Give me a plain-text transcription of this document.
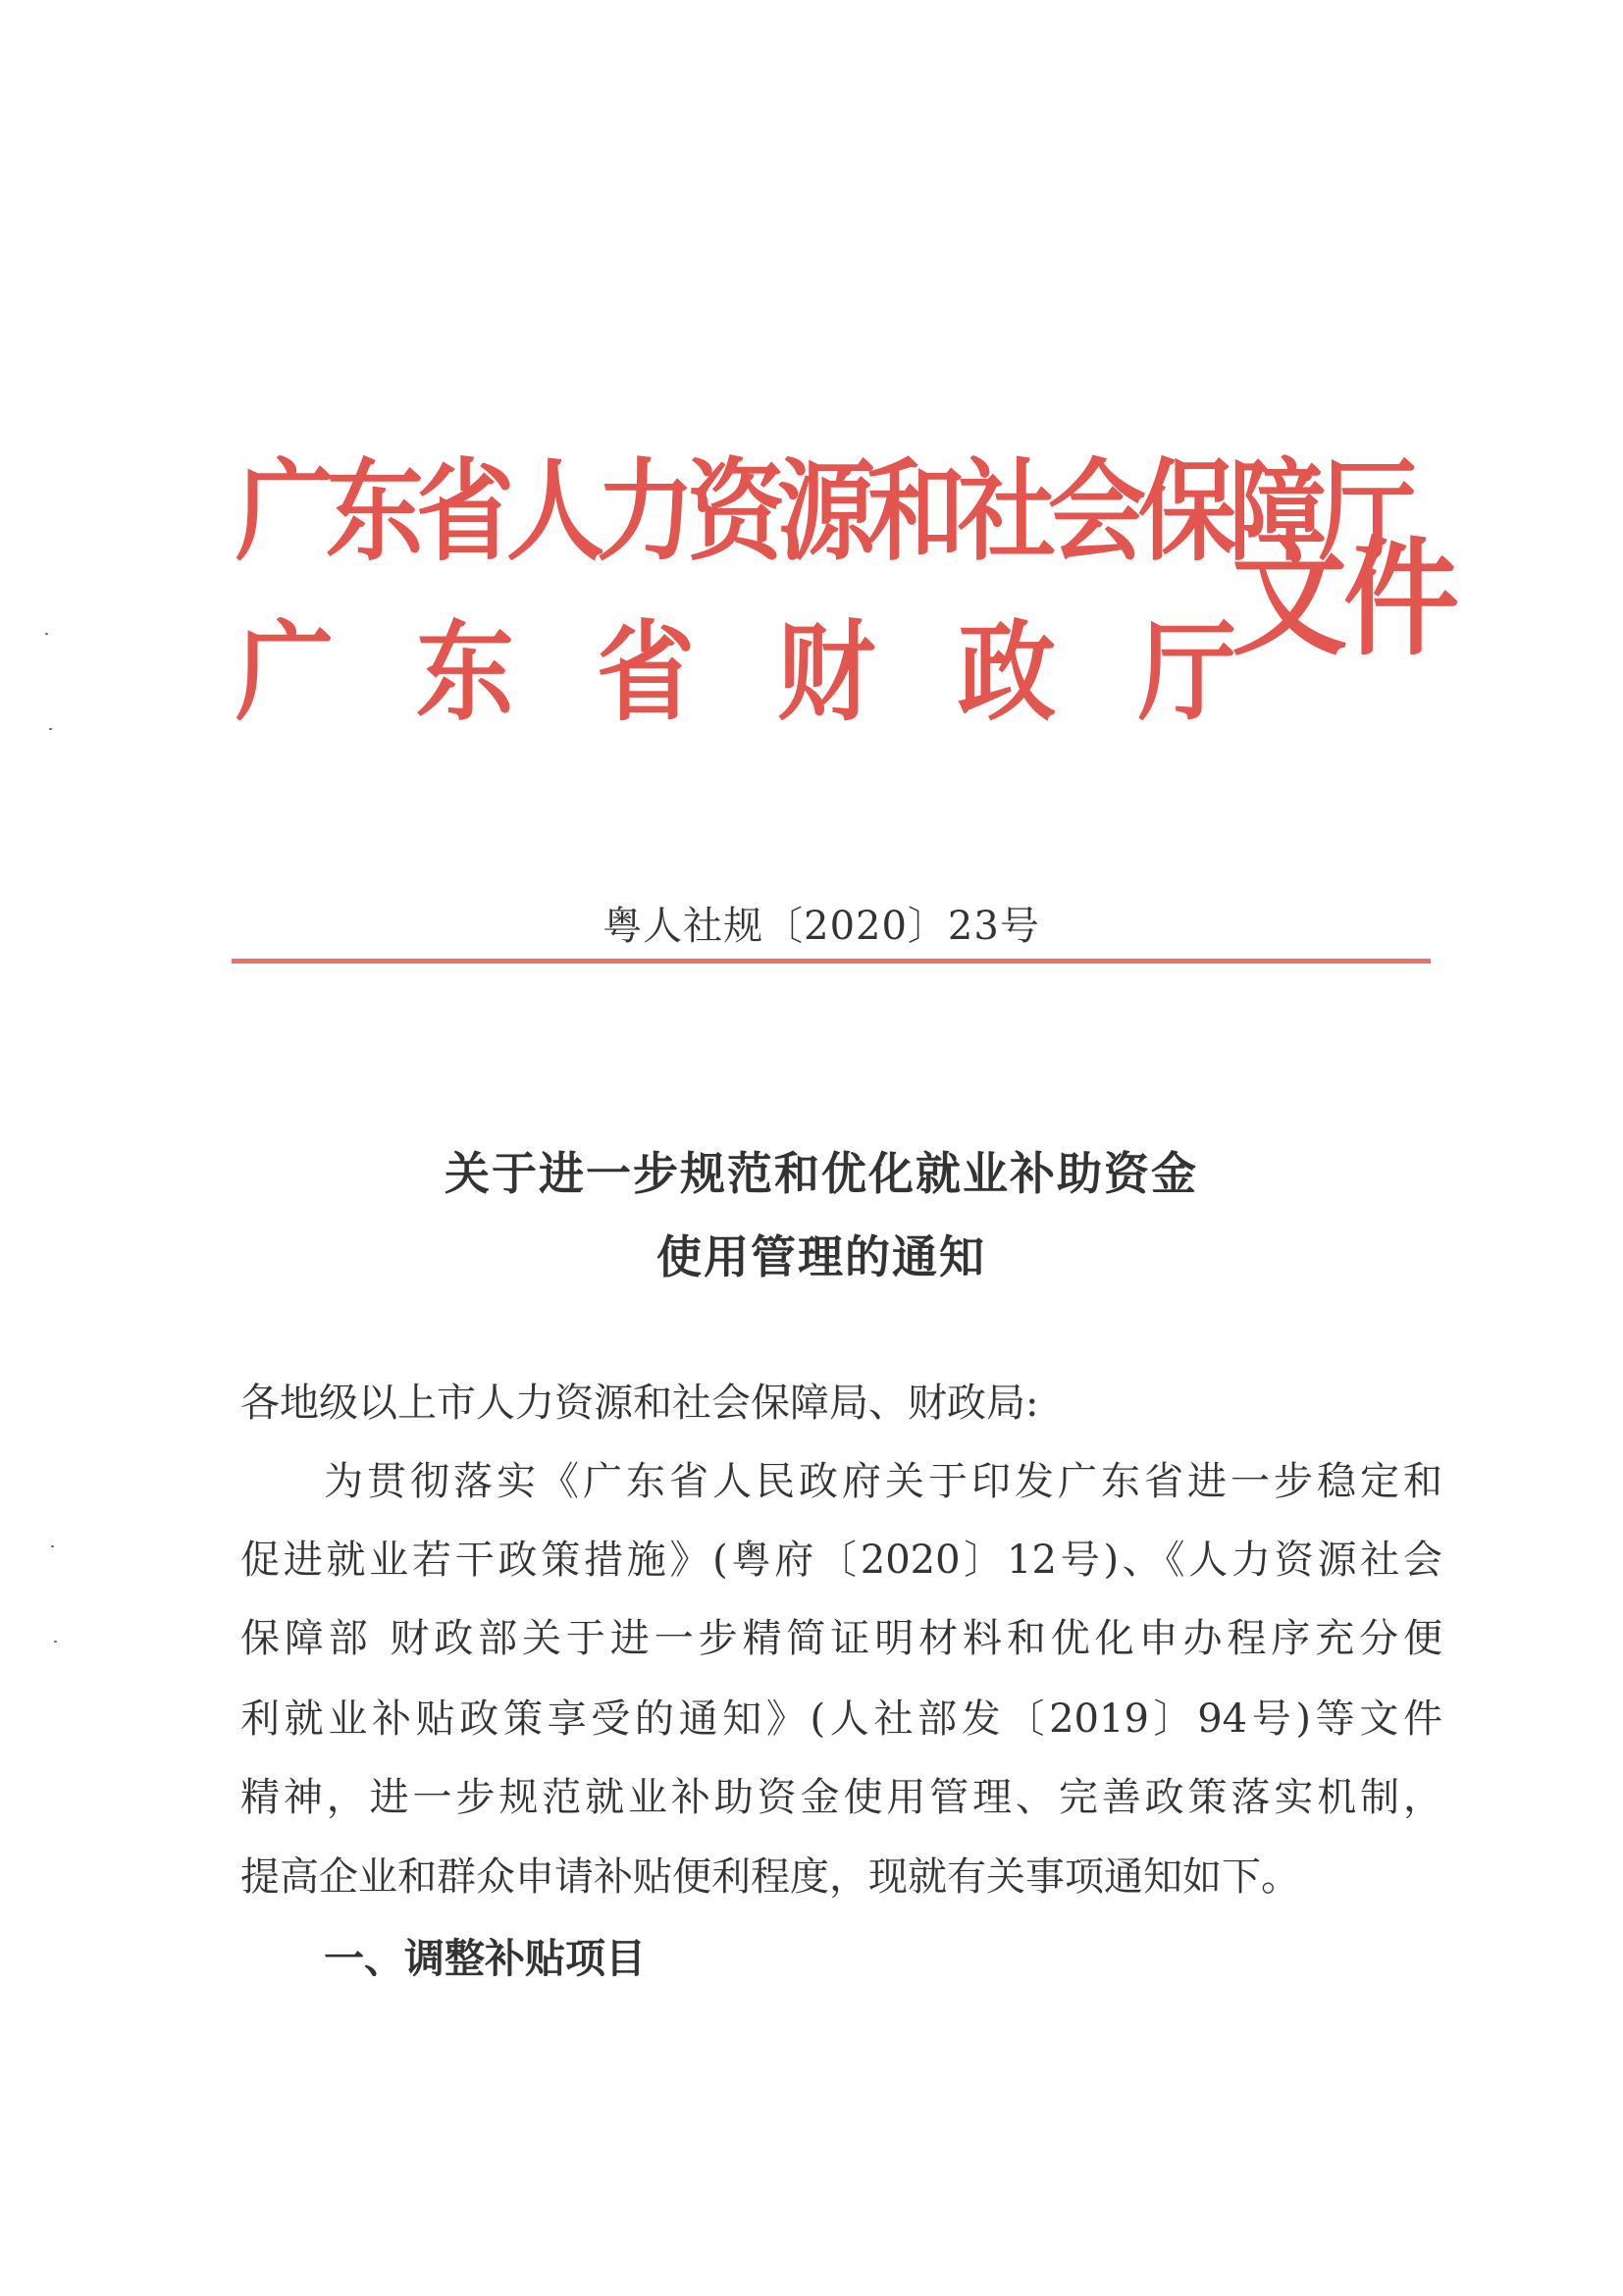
广东省人力资源和社会保障厅
广东省财政厅
文件
粤人社规〔2020〕23号
关于进一步规范和优化就业补助资金
使用管理的通知
各地级以上市人力资源和社会保障局、财政局:
为贯彻落实《广东省人民政府关于印发广东省进一步稳定和
促进就业若干政策措施》(粤府〔2020〕12号)、《人力资源社会
保障部 财政部关于进一步精简证明材料和优化申办程序充分便
利就业补贴政策享受的通知》(人社部发〔2019〕94号)等文件
精神，进一步规范就业补助资金使用管理、完善政策落实机制，
提高企业和群众申请补贴便利程度，现就有关事项通知如下。
一、调整补贴项目
